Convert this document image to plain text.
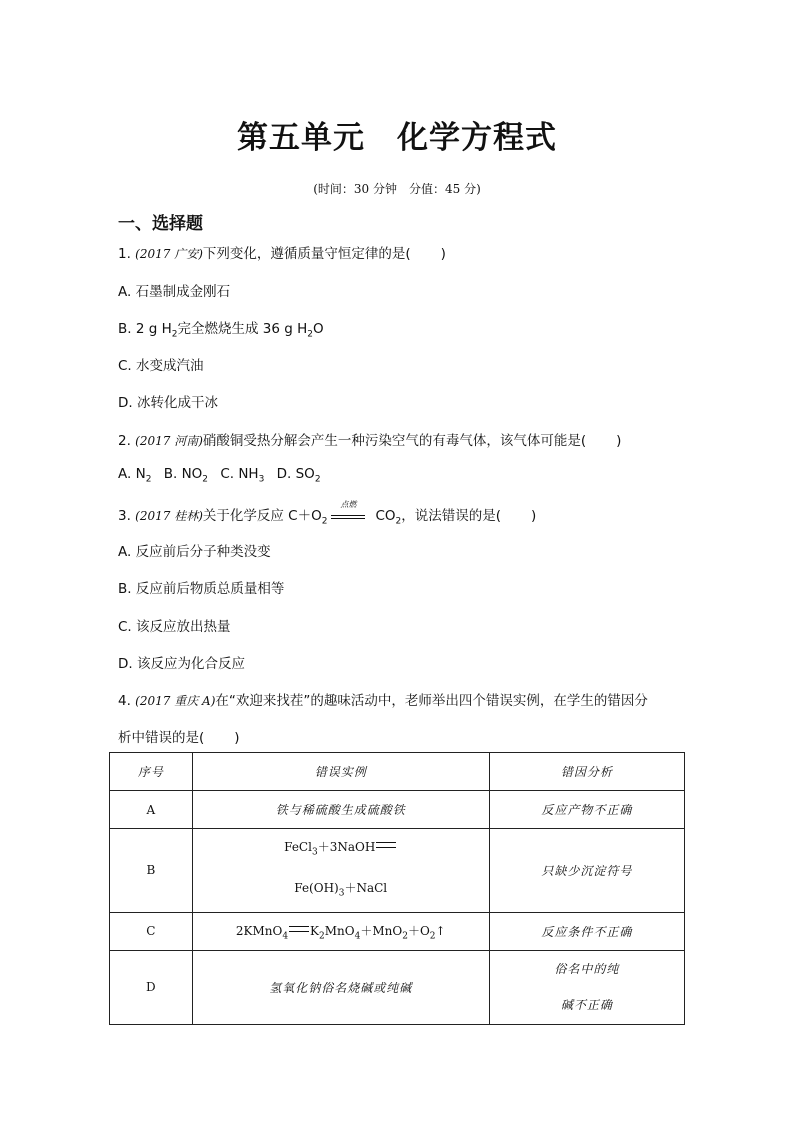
第五单元　化学方程式
(时间：30 分钟　分值：45 分)
一、选择题
1. (2017 广安)下列变化，遵循质量守恒定律的是( )
A. 石墨制成金刚石
B. 2 g $H_2$完全燃烧生成 36 g $H_2O$
C. 水变成汽油
D. 冰转化成干冰
2. (2017 河南)硝酸铜受热分解会产生一种污染空气的有毒气体，该气体可能是( )
A. $N_2$ B. $NO_2$ C. $NH_3$ D. $SO_2$
3. (2017 桂林)关于化学反应 $C+O_2$
点燃
$CO_2$，说法错误的是( )
A. 反应前后分子种类没变
B. 反应前后物质总质量相等
C. 该反应放出热量
D. 该反应为化合反应
4. (2017 重庆 A)在“欢迎来找茬”的趣味活动中，老师举出四个错误实例，在学生的错因分
析中错误的是( )
序号	错误实例	错因分析
A	铁与稀硫酸生成硫酸铁	反应产物不正确
B	FeCl$_3$＋3NaOH
$Fe(OH)_3+NaCl$	只缺少沉淀符号
C	2KMnO$_4$ $K_2MnO_4+MnO_2+O_2↑$	反应条件不正确
D	氢氧化钠俗名烧碱或纯碱	俗名中的纯
碱不正确
